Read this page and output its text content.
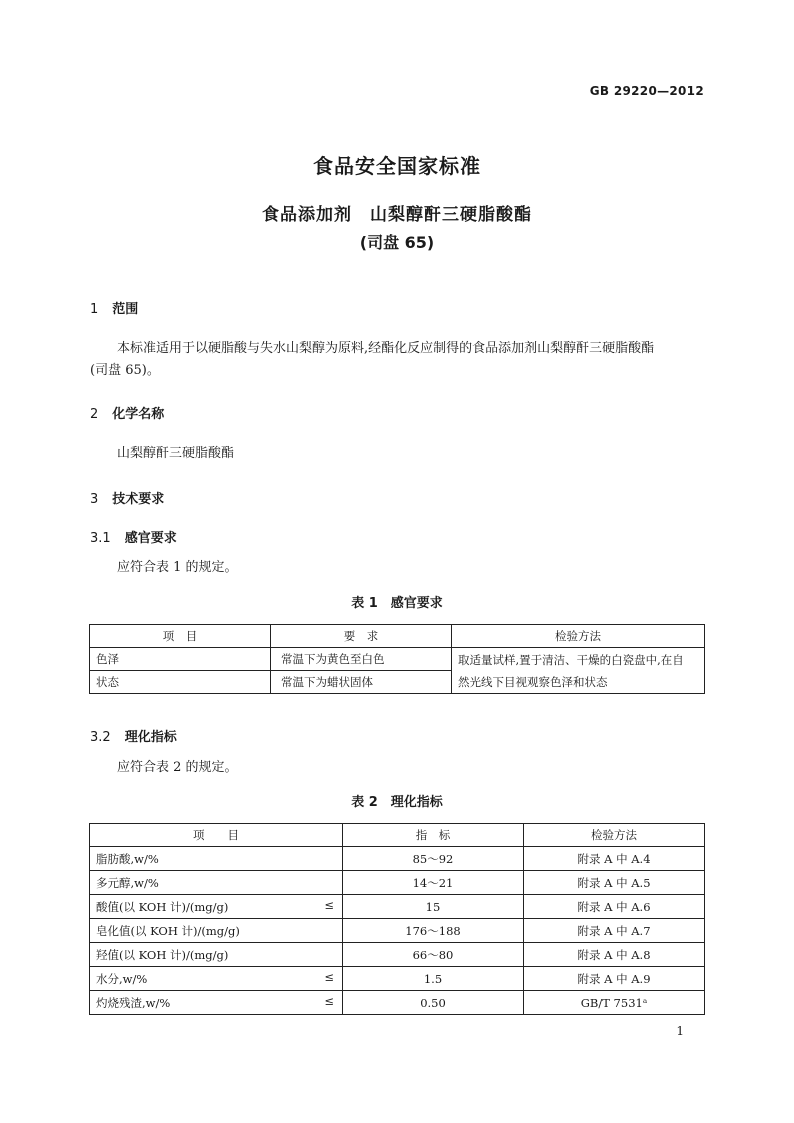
GB 29220—2012
食品安全国家标准
食品添加剂　山梨醇酐三硬脂酸酯
(司盘 65)
1 范围
本标准适用于以硬脂酸与失水山梨醇为原料,经酯化反应制得的食品添加剂山梨醇酐三硬脂酸酯
(司盘 65)。
2 化学名称
山梨醇酐三硬脂酸酯
3 技术要求
3.1 感官要求
应符合表 1 的规定。
表 1　感官要求
项　目	要　求	检验方法
色泽	常温下为黄色至白色	取适量试样,置于清洁、干燥的白瓷盘中,在自
然光线下目视观察色泽和状态

状态	常温下为蜡状固体	
3.2 理化指标
应符合表 2 的规定。
表 2　理化指标
项　　目	指　标	检验方法
脂肪酸,w/%	85～92	附录 A 中 A.4
多元醇,w/%	14～21	附录 A 中 A.5
酸值(以 KOH 计)/(mg/g) ≤	15	附录 A 中 A.6
皂化值(以 KOH 计)/(mg/g)	176～188	附录 A 中 A.7
羟值(以 KOH 计)/(mg/g)	66～80	附录 A 中 A.8
水分,w/% ≤	1.5	附录 A 中 A.9
灼烧残渣,w/% ≤	0.50	GB/T 7531ᵃ
1
